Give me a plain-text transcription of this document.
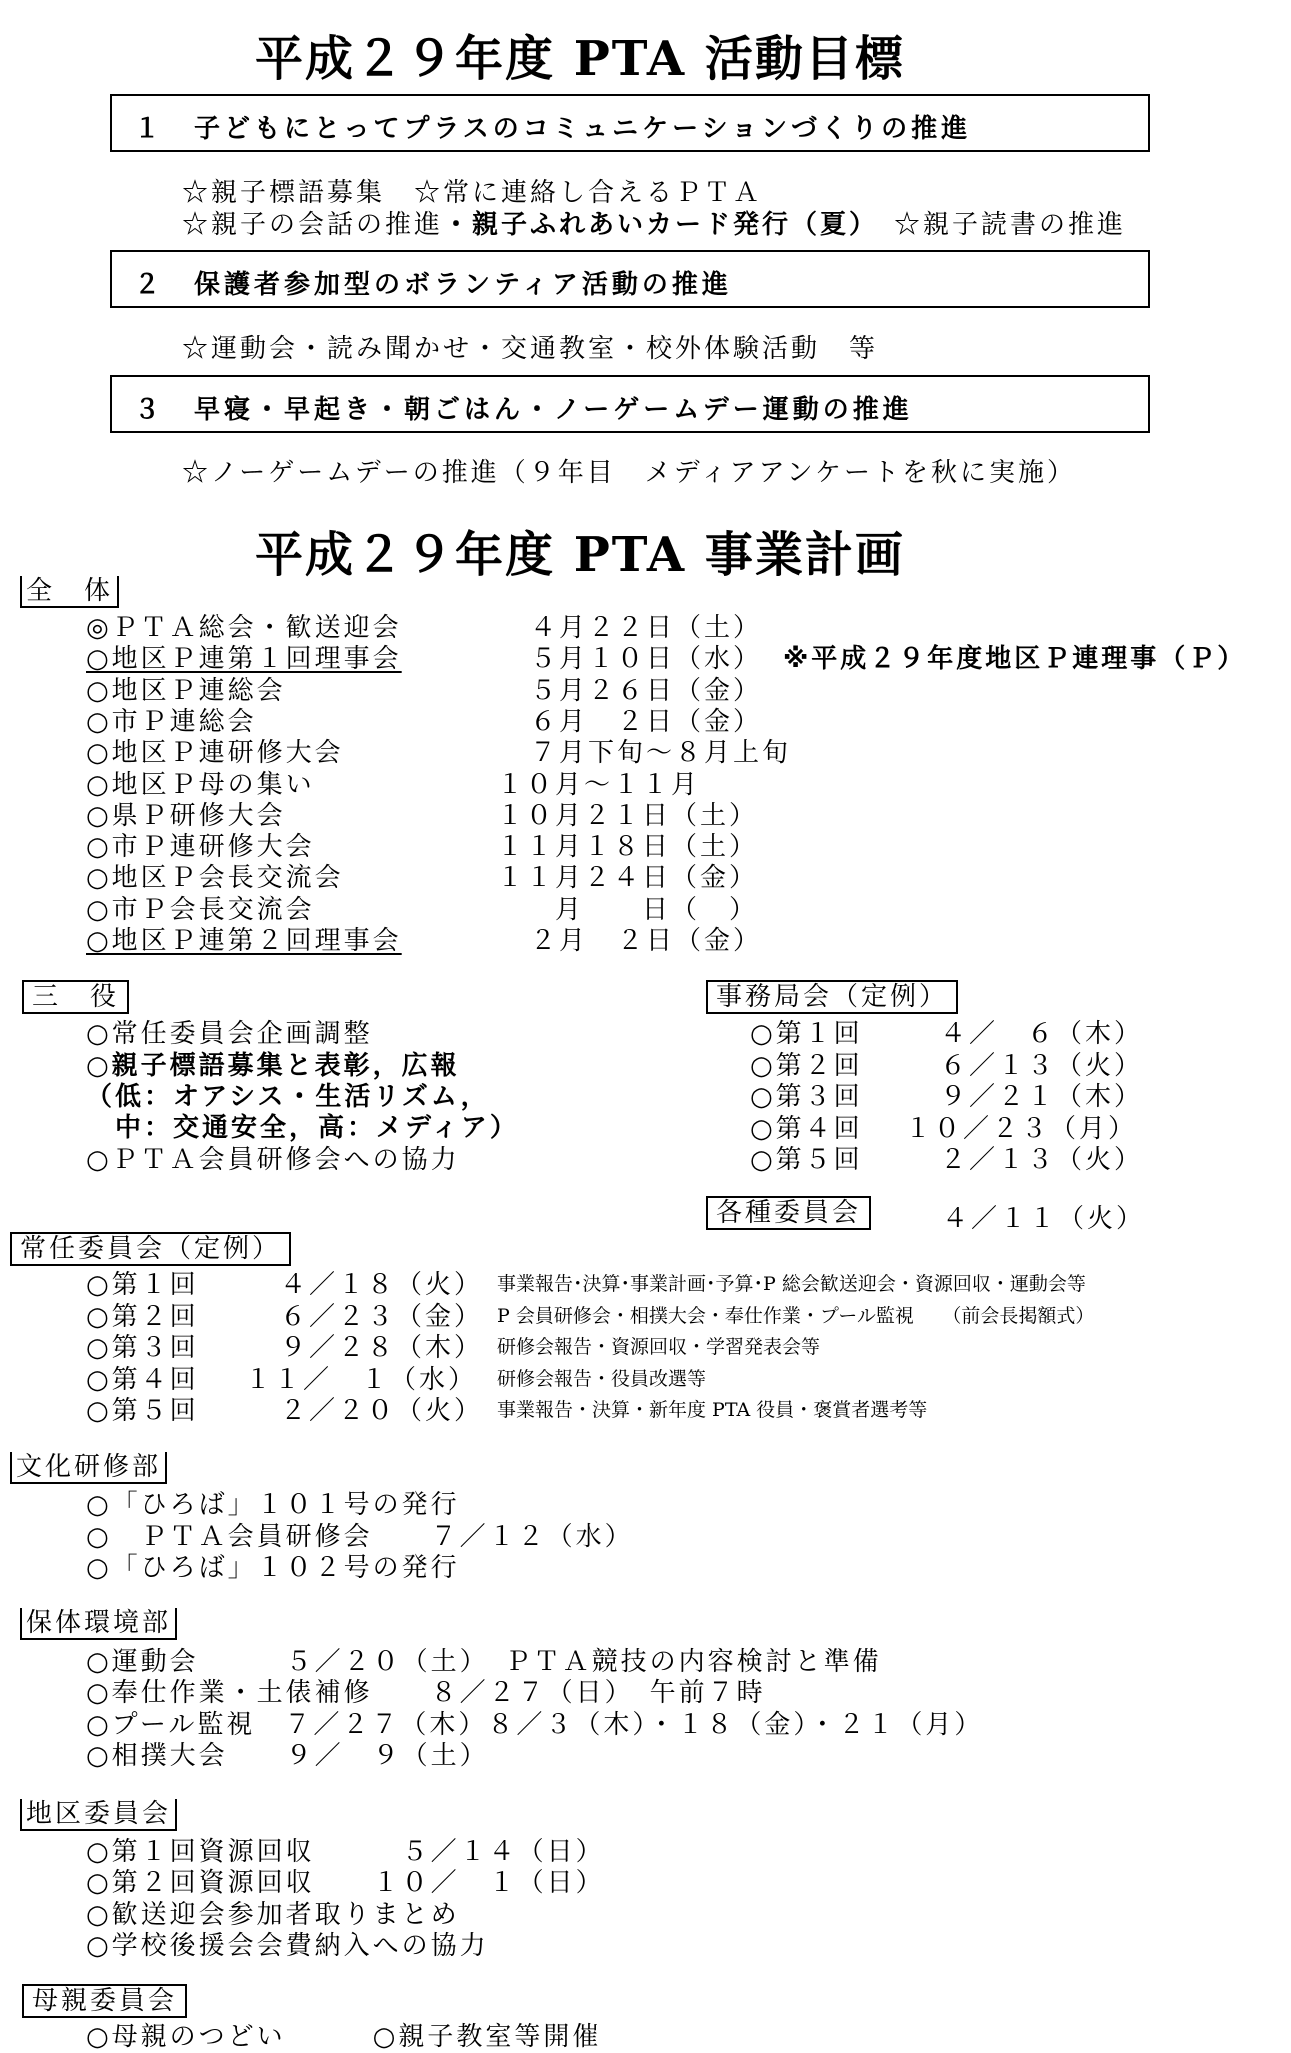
平成２９年度 PTA 活動目標
１　子どもにとってプラスのコミュニケーションづくりの推進
☆親子標語募集　☆常に連絡し合えるＰＴＡ
☆親子の会話の推進・親子ふれあいカード発行（夏）　 ☆親子読書の推進
２　保護者参加型のボランティア活動の推進
☆運動会・読み聞かせ・交通教室・校外体験活動　等
３　早寝・早起き・朝ごはん・ノーゲームデー運動の推進
☆ノーゲームデーの推進（９年目　メディアアンケートを秋に実施）
平成２９年度 PTA 事業計画
全　体
◎ＰＴＡ総会・歓送迎会	４月２２日（土）
○地区Ｐ連第１回理事会	５月１０日（水）
○地区Ｐ連総会	５月２６日（金）
○市Ｐ連総会	６月　２日（金）
○地区Ｐ連研修大会	７月下旬～８月上旬
○地区Ｐ母の集い	１０月～１１月
○県Ｐ研修大会	１０月２１日（土）
○市Ｐ連研修大会	１１月１８日（土）
○地区Ｐ会長交流会	１１月２４日（金）
○市Ｐ会長交流会	月　　日（　）
○地区Ｐ連第２回理事会	２月　２日（金）
※平成２９年度地区Ｐ連理事（Ｐ）
三　役
○常任委員会企画調整
○親子標語募集と表彰，広報
（低：オアシス・生活リズム，
　中：交通安全，高：メディア）
○ＰＴＡ会員研修会への協力
事務局会（定例）
○第１回	４／　６（木）
○第２回	６／１３（火）
○第３回	９／２１（木）
○第４回 １０／２３（月）
○第５回	２／１３（火）
各種委員会	４／１１（火）
常任委員会（定例）
○第１回	４／１８（火） 事業報告･決算･事業計画･予算･P 総会歓送迎会・資源回収・運動会等
○第２回	６／２３（金） P 会員研修会・相撲大会・奉仕作業・プール監視　　（前会長掲額式）
○第３回	９／２８（木） 研修会報告・資源回収・学習発表会等
○第４回 １１／　１（水） 研修会報告・役員改選等
○第５回	２／２０（火） 事業報告・決算・新年度 PTA 役員・褒賞者選考等
文化研修部
○「ひろば」１０１号の発行
○　ＰＴＡ会員研修会　　７／１２（水）
○「ひろば」１０２号の発行
保体環境部
○運動会　　　５／２０（土）　ＰＴＡ競技の内容検討と準備
○奉仕作業・土俵補修　　８／２７（日）　午前７時
○プール監視　７／２７（木）８／３（木）・１８（金）・２１（月）
○相撲大会　　９／　９（土）
地区委員会
○第１回資源回収　　　５／１４（日）
○第２回資源回収　　１０／　１（日）
○歓送迎会参加者取りまとめ
○学校後援会会費納入への協力
母親委員会
○母親のつどい　　　○親子教室等開催
